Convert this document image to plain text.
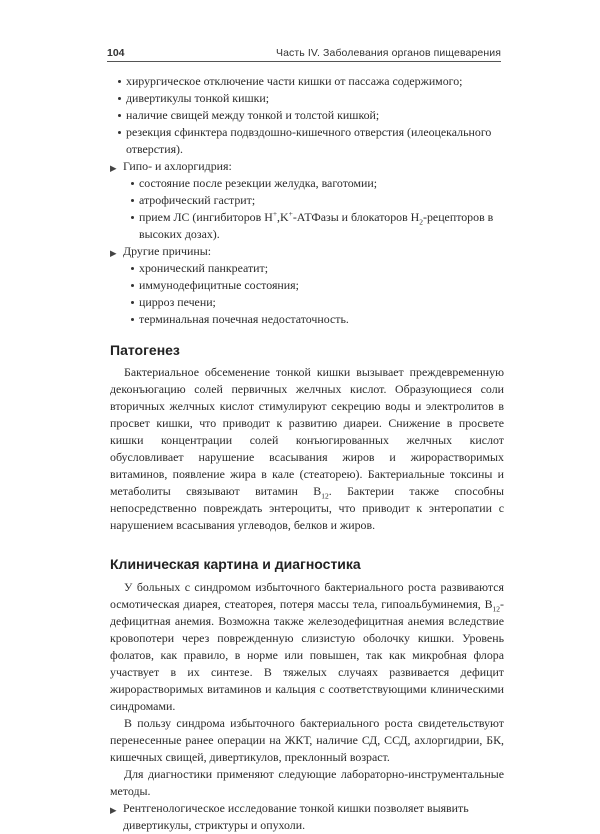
104	Часть IV. Заболевания органов пищеварения
хирургическое отключение части кишки от пассажа содержимого;
дивертикулы тонкой кишки;
наличие свищей между тонкой и толстой кишкой;
резекция сфинктера подвздошно-кишечного отверстия (илеоцекального отверстия).
▶ Гипо- и ахлоргидрия:
состояние после резекции желудка, ваготомии;
атрофический гастрит;
прием ЛС (ингибиторов H+,K+-АТФазы и блокаторов $H_2$-рецепторов в высоких дозах).
▶ Другие причины:
хронический панкреатит;
иммунодефицитные состояния;
цирроз печени;
терминальная почечная недостаточность.
Патогенез

Бактериальное обсеменение тонкой кишки вызывает преждевременную деконъюгацию солей первичных желчных кислот. Образующиеся соли вторичных желчных кислот стимулируют секрецию воды и электролитов в просвет кишки, что приводит к развитию диареи. Снижение в просвете кишки концентрации солей конъюгированных желчных кислот обусловливает нарушение всасывания жиров и жирорастворимых витаминов, появление жира в кале (стеаторею). Бактериальные токсины и метаболиты связывают витамин $B_{12}$. Бактерии также способны непосредственно повреждать энтероциты, что приводит к энтеропатии с нарушением всасывания углеводов, белков и жиров.

Клиническая картина и диагностика

У больных с синдромом избыточного бактериального роста развиваются осмотическая диарея, стеаторея, потеря массы тела, гипоальбуминемия, $B_{12}$-дефицитная анемия. Возможна также железодефицитная анемия вследствие кровопотери через поврежденную слизистую оболочку кишки. Уровень фолатов, как правило, в норме или повышен, так как микробная флора участвует в их синтезе. В тяжелых случаях развивается дефицит жирорастворимых витаминов и кальция с соответствующими клиническими синдромами.

В пользу синдрома избыточного бактериального роста свидетельствуют перенесенные ранее операции на ЖКТ, наличие СД, ССД, ахлоргидрии, БК, кишечных свищей, дивертикулов, преклонный возраст.

Для диагностики применяют следующие лабораторно-инструментальные методы.

▶ Рентгенологическое исследование тонкой кишки позволяет выявить дивертикулы, стриктуры и опухоли.
